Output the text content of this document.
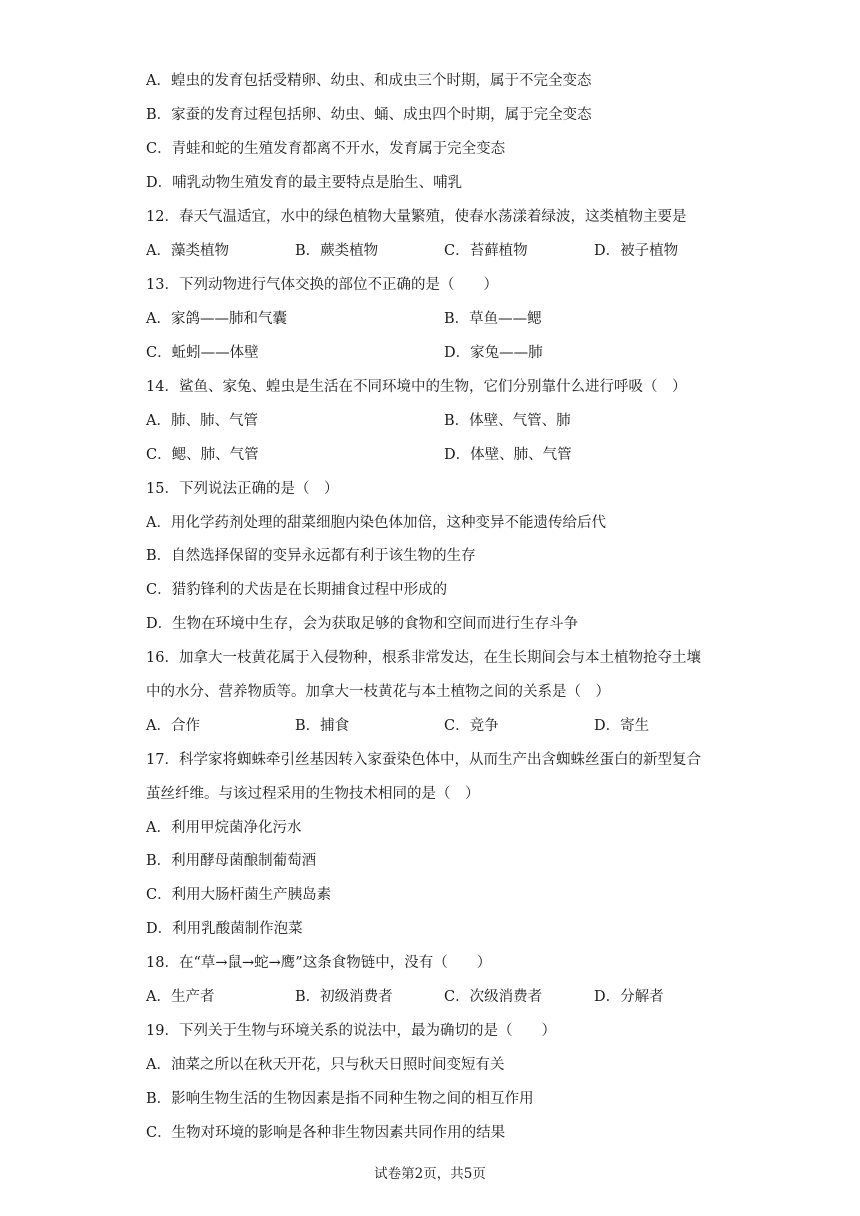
A．蝗虫的发育包括受精卵、幼虫、和成虫三个时期，属于不完全变态
B．家蚕的发育过程包括卵、幼虫、蛹、成虫四个时期，属于完全变态
C．青蛙和蛇的生殖发育都离不开水，发育属于完全变态
D．哺乳动物生殖发育的最主要特点是胎生、哺乳
12．春天气温适宜，水中的绿色植物大量繁殖，使春水荡漾着绿波，这类植物主要是
A．藻类植物	B．蕨类植物	C．苔藓植物	D．被子植物
13．下列动物进行气体交换的部位不正确的是（　　）
A．家鸽——肺和气囊	B．草鱼——鳃
C．蚯蚓——体壁	D．家兔——肺
14．鲨鱼、家兔、蝗虫是生活在不同环境中的生物，它们分别靠什么进行呼吸（　）
A．肺、肺、气管	B．体壁、气管、肺
C．鳃、肺、气管	D．体壁、肺、气管
15．下列说法正确的是（　）
A．用化学药剂处理的甜菜细胞内染色体加倍，这种变异不能遗传给后代
B．自然选择保留的变异永远都有利于该生物的生存
C．猎豹锋利的犬齿是在长期捕食过程中形成的
D．生物在环境中生存，会为获取足够的食物和空间而进行生存斗争
16．加拿大一枝黄花属于入侵物种，根系非常发达，在生长期间会与本土植物抢夺土壤
中的水分、营养物质等。加拿大一枝黄花与本土植物之间的关系是（　）
A．合作	B．捕食	C．竞争	D．寄生
17．科学家将蜘蛛牵引丝基因转入家蚕染色体中，从而生产出含蜘蛛丝蛋白的新型复合
茧丝纤维。与该过程采用的生物技术相同的是（　）
A．利用甲烷菌净化污水
B．利用酵母菌酿制葡萄酒
C．利用大肠杆菌生产胰岛素
D．利用乳酸菌制作泡菜
18．在“草→鼠→蛇→鹰”这条食物链中，没有（　　）
A．生产者	B．初级消费者	C．次级消费者	D．分解者
19．下列关于生物与环境关系的说法中，最为确切的是（　　）
A．油菜之所以在秋天开花，只与秋天日照时间变短有关
B．影响生物生活的生物因素是指不同种生物之间的相互作用
C．生物对环境的影响是各种非生物因素共同作用的结果
试卷第2页，共5页
